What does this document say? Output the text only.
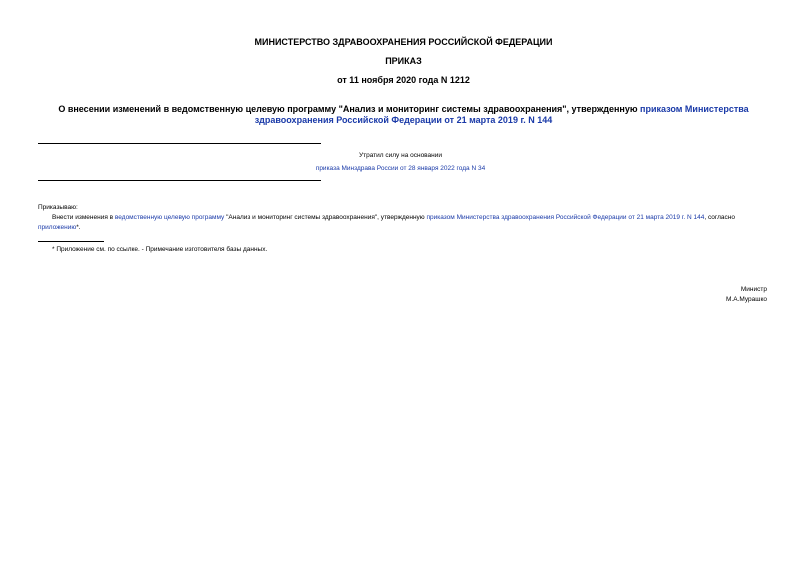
МИНИСТЕРСТВО ЗДРАВООХРАНЕНИЯ РОССИЙСКОЙ ФЕДЕРАЦИИ
ПРИКАЗ
от 11 ноября 2020 года N 1212
О внесении изменений в ведомственную целевую программу "Анализ и мониторинг системы здравоохранения", утвержденную приказом Министерства здравоохранения Российской Федерации от 21 марта 2019 г. N 144
Утратил силу на основании
приказа Минздрава России от 28 января 2022 года N 34
Приказываю:
Внести изменения в ведомственную целевую программу "Анализ и мониторинг системы здравоохранения", утвержденную приказом Министерства здравоохранения Российской Федерации от 21 марта 2019 г. N 144, согласно приложению*.
* Приложение см. по ссылке. - Примечание изготовителя базы данных.
Министр
М.А.Мурашко
